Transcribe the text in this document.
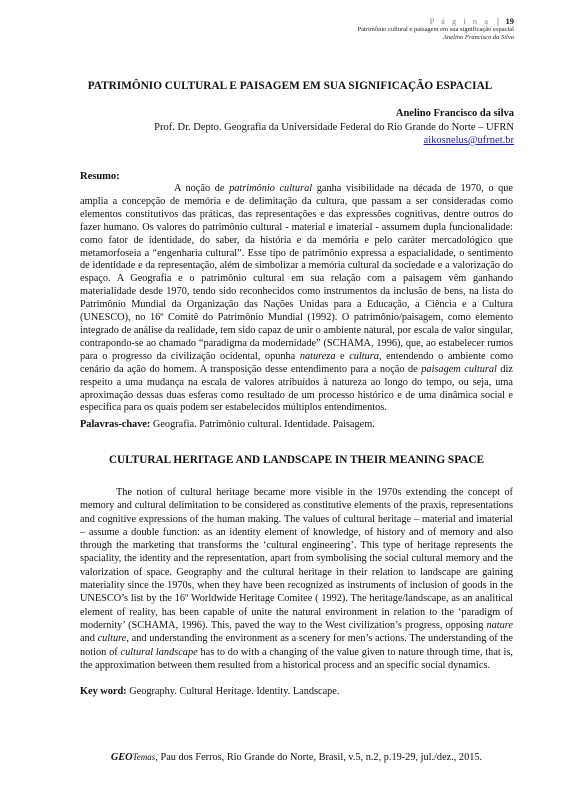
P á g i n a | 19
Patrimônio cultural e paisagem em sua significação espacial
Anelino Francisco da Silva
PATRIMÔNIO CULTURAL E PAISAGEM EM SUA SIGNIFICAÇÃO ESPACIAL
Anelino Francisco da silva
Prof. Dr. Depto. Geografia da Universidade Federal do Rio Grande do Norte – UFRN
aikosnelus@ufrnet.br
Resumo:

A noção de patrimônio cultural ganha visibilidade na década de 1970, o que amplia a concepção de memória e de delimitação da cultura, que passam a ser consideradas como elementos constitutivos das práticas, das representações e das expressões cognitivas, dentre outros do fazer humano. Os valores do patrimônio cultural - material e imaterial - assumem dupla funcionalidade: como fator de identidade, do saber, da história e da memória e pelo caráter mercadológico que metamorfoseia a “engenharia cultural”. Esse tipo de patrimônio expressa a espacialidade, o sentimento de identidade e da representação, além de simbolizar a memória cultural da sociedade e a valorização do espaço. A Geografia e o patrimônio cultural em sua relação com a paisagem vêm ganhando materialidade desde 1970, tendo sido reconhecidos como instrumentos da inclusão de bens, na lista do Patrimônio Mundial da Organização das Nações Unidas para a Educação, a Ciência e a Cultura (UNESCO), no 16º Comitê do Patrimônio Mundial (1992). O patrimônio/paisagem, como elemento integrado de análise da realidade, tem sido capaz de unir o ambiente natural, por escala de valor singular, contrapondo-se ao chamado “paradigma da modernidade” (SCHAMA, 1996), que, ao estabelecer rumos para o progresso da civilização ocidental, opunha natureza e cultura, entendendo o ambiente como cenário da ação do homem. A transposição desse entendimento para a noção de paisagem cultural diz respeito a uma mudança na escala de valores atribuídos à natureza ao longo do tempo, ou seja, uma aproximação dessas duas esferas como resultado de um processo histórico e de uma dinâmica social e específica para os quais podem ser estabelecidos múltiplos entendimentos.

Palavras-chave: Geografia. Patrimônio cultural. Identidade. Paisagem.
CULTURAL HERITAGE AND LANDSCAPE IN THEIR MEANING SPACE

The notion of cultural heritage became more visible in the 1970s extending the concept of memory and cultural delimitation to be considered as constitutive elements of the praxis, representations and cognitive expressions of the human making. The values of cultural heritage – material and imaterial – assume a double function: as an identity element of knowledge, of history and of memory and also through the marketing that transforms the ‘cultural engineering’. This type of heritage represents the spaciality, the identity and the representation, apart from symbolising the social cultural memory and the valorization of space. Geography and the cultural heritage in their relation to landscape are gaining materiality since the 1970s, when they have been recognized as instruments of inclusion of goods in the UNESCO’s list by the 16º Worldwide Heritage Comitee ( 1992). The heritage/landscape, as an analitical element of reality, has been capable of unite the natural environment in relation to the ‘paradigm of modernity’ (SCHAMA, 1996). This, paved the way to the West civilization’s progress, opposing nature and culture, and understanding the environment as a scenery for men’s actions. The understanding of the notion of cultural landscape has to do with a changing of the value given to nature through time, that is, the approximation between them resulted from a historical process and an specific social dynamics.

Key word: Geography. Cultural Heritage. Identity. Landscape.
GEOTemas, Pau dos Ferros, Rio Grande do Norte, Brasil, v.5, n.2, p.19-29, jul./dez., 2015.
